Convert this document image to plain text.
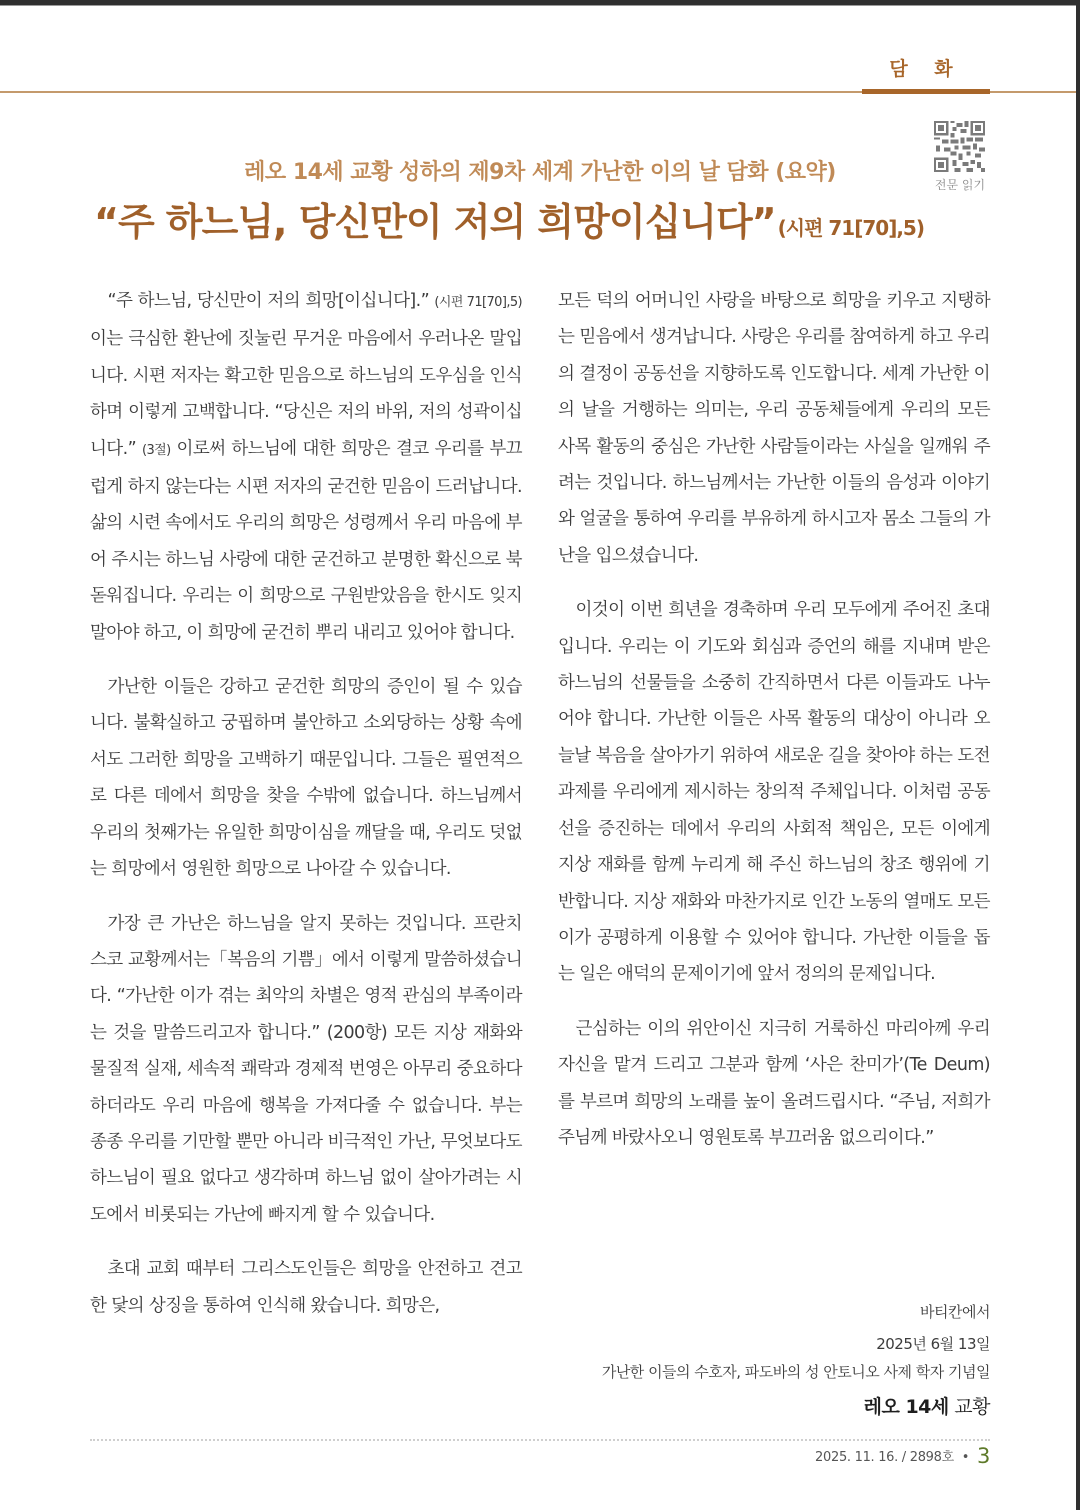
담 화
전문 읽기
레오 14세 교황 성하의 제9차 세계 가난한 이의 날 담화 (요약)
“주 하느님, 당신만이 저의 희망이십니다” (시편 71[70],5)

“주 하느님, 당신만이 저의 희망[이십니다].” (시편 71[70],5) 이는 극심한 환난에 짓눌린 무거운 마음에서 우러나온 말입니다. 시편 저자는 확고한 믿음으로 하느님의 도우심을 인식하며 이렇게 고백합니다. “당신은 저의 바위, 저의 성곽이십니다.” (3절) 이로써 하느님에 대한 희망은 결코 우리를 부끄럽게 하지 않는다는 시편 저자의 굳건한 믿음이 드러납니다. 삶의 시련 속에서도 우리의 희망은 성령께서 우리 마음에 부어 주시는 하느님 사랑에 대한 굳건하고 분명한 확신으로 북돋워집니다. 우리는 이 희망으로 구원받았음을 한시도 잊지 말아야 하고, 이 희망에 굳건히 뿌리 내리고 있어야 합니다.

가난한 이들은 강하고 굳건한 희망의 증인이 될 수 있습니다. 불확실하고 궁핍하며 불안하고 소외당하는 상황 속에서도 그러한 희망을 고백하기 때문입니다. 그들은 필연적으로 다른 데에서 희망을 찾을 수밖에 없습니다. 하느님께서 우리의 첫째가는 유일한 희망이심을 깨달을 때, 우리도 덧없는 희망에서 영원한 희망으로 나아갈 수 있습니다.

가장 큰 가난은 하느님을 알지 못하는 것입니다. 프란치스코 교황께서는「복음의 기쁨」에서 이렇게 말씀하셨습니다. “가난한 이가 겪는 최악의 차별은 영적 관심의 부족이라는 것을 말씀드리고자 합니다.” (200항) 모든 지상 재화와 물질적 실재, 세속적 쾌락과 경제적 번영은 아무리 중요하다 하더라도 우리 마음에 행복을 가져다줄 수 없습니다. 부는 종종 우리를 기만할 뿐만 아니라 비극적인 가난, 무엇보다도 하느님이 필요 없다고 생각하며 하느님 없이 살아가려는 시도에서 비롯되는 가난에 빠지게 할 수 있습니다.

초대 교회 때부터 그리스도인들은 희망을 안전하고 견고한 닻의 상징을 통하여 인식해 왔습니다. 희망은,

모든 덕의 어머니인 사랑을 바탕으로 희망을 키우고 지탱하는 믿음에서 생겨납니다. 사랑은 우리를 참여하게 하고 우리의 결정이 공동선을 지향하도록 인도합니다. 세계 가난한 이의 날을 거행하는 의미는, 우리 공동체들에게 우리의 모든 사목 활동의 중심은 가난한 사람들이라는 사실을 일깨워 주려는 것입니다. 하느님께서는 가난한 이들의 음성과 이야기와 얼굴을 통하여 우리를 부유하게 하시고자 몸소 그들의 가난을 입으셨습니다.

이것이 이번 희년을 경축하며 우리 모두에게 주어진 초대입니다. 우리는 이 기도와 회심과 증언의 해를 지내며 받은 하느님의 선물들을 소중히 간직하면서 다른 이들과도 나누어야 합니다. 가난한 이들은 사목 활동의 대상이 아니라 오늘날 복음을 살아가기 위하여 새로운 길을 찾아야 하는 도전 과제를 우리에게 제시하는 창의적 주체입니다. 이처럼 공동선을 증진하는 데에서 우리의 사회적 책임은, 모든 이에게 지상 재화를 함께 누리게 해 주신 하느님의 창조 행위에 기반합니다. 지상 재화와 마찬가지로 인간 노동의 열매도 모든 이가 공평하게 이용할 수 있어야 합니다. 가난한 이들을 돕는 일은 애덕의 문제이기에 앞서 정의의 문제입니다.

근심하는 이의 위안이신 지극히 거룩하신 마리아께 우리 자신을 맡겨 드리고 그분과 함께 ‘사은 찬미가’(Te Deum)를 부르며 희망의 노래를 높이 올려드립시다. “주님, 저희가 주님께 바랐사오니 영원토록 부끄러움 없으리이다.”

바티칸에서
2025년 6월 13일
가난한 이들의 수호자, 파도바의 성 안토니오 사제 학자 기념일
레오 14세 교황
2025. 11. 16. / 2898호 • 3
